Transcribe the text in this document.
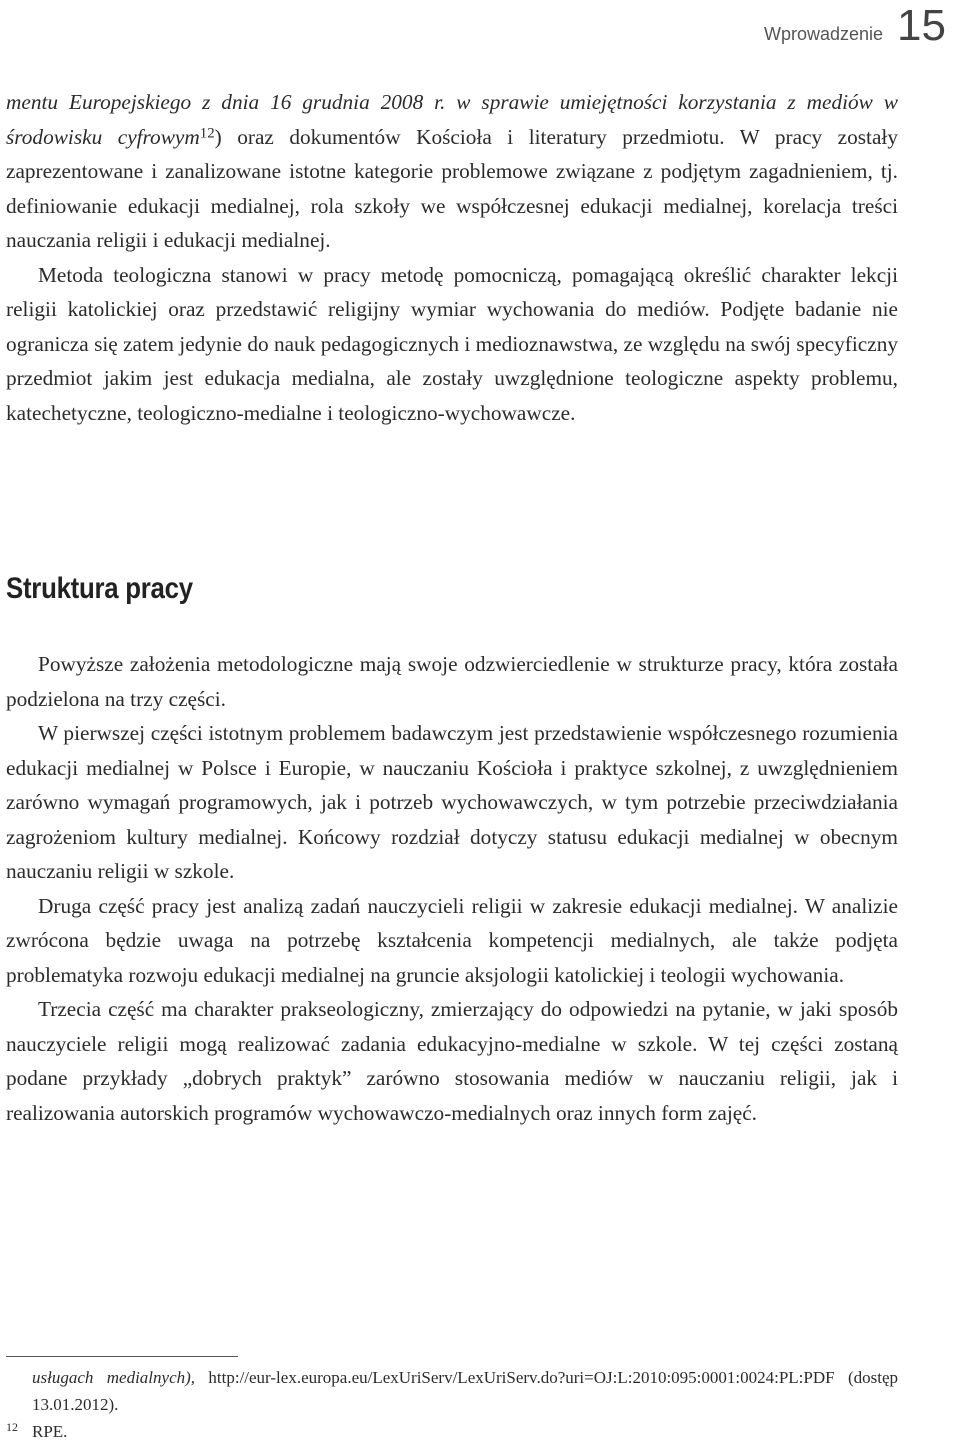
Wprowadzenie 15

mentu Europejskiego z dnia 16 grudnia 2008 r. w sprawie umiejętności korzystania z mediów w środowisku cyfrowym$^{12}$) oraz dokumentów Kościoła i literatury przedmiotu. W pracy zostały zaprezentowane i zanalizowane istotne kategorie problemowe związane z podjętym zagadnieniem, tj. definiowanie edukacji medialnej, rola szkoły we współczesnej edukacji medialnej, korelacja treści nauczania religii i edukacji medialnej.

Metoda teologiczna stanowi w pracy metodę pomocniczą, pomagającą określić charakter lekcji religii katolickiej oraz przedstawić religijny wymiar wychowania do mediów. Podjęte badanie nie ogranicza się zatem jedynie do nauk pedagogicznych i medioznawstwa, ze względu na swój specyficzny przedmiot jakim jest edukacja medialna, ale zostały uwzględnione teologiczne aspekty problemu, katechetyczne, teologiczno-medialne i teologiczno-wychowawcze.

Struktura pracy

Powyższe założenia metodologiczne mają swoje odzwierciedlenie w strukturze pracy, która została podzielona na trzy części.

W pierwszej części istotnym problemem badawczym jest przedstawienie współczesnego rozumienia edukacji medialnej w Polsce i Europie, w nauczaniu Kościoła i praktyce szkolnej, z uwzględnieniem zarówno wymagań programowych, jak i potrzeb wychowawczych, w tym potrzebie przeciwdziałania zagrożeniom kultury medialnej. Końcowy rozdział dotyczy statusu edukacji medialnej w obecnym nauczaniu religii w szkole.

Druga część pracy jest analizą zadań nauczycieli religii w zakresie edukacji medialnej. W analizie zwrócona będzie uwaga na potrzebę kształcenia kompetencji medialnych, ale także podjęta problematyka rozwoju edukacji medialnej na gruncie aksjologii katolickiej i teologii wychowania.

Trzecia część ma charakter prakseologiczny, zmierzający do odpowiedzi na pytanie, w jaki sposób nauczyciele religii mogą realizować zadania edukacyjno-medialne w szkole. W tej części zostaną podane przykłady „dobrych praktyk” zarówno stosowania mediów w nauczaniu religii, jak i realizowania autorskich programów wychowawczo-medialnych oraz innych form zajęć.

usługach medialnych), http://eur-lex.europa.eu/LexUriServ/LexUriServ.do?uri=OJ:L:2010:095:0001:0024:PL:PDF (dostęp 13.01.2012).
12 RPE.
